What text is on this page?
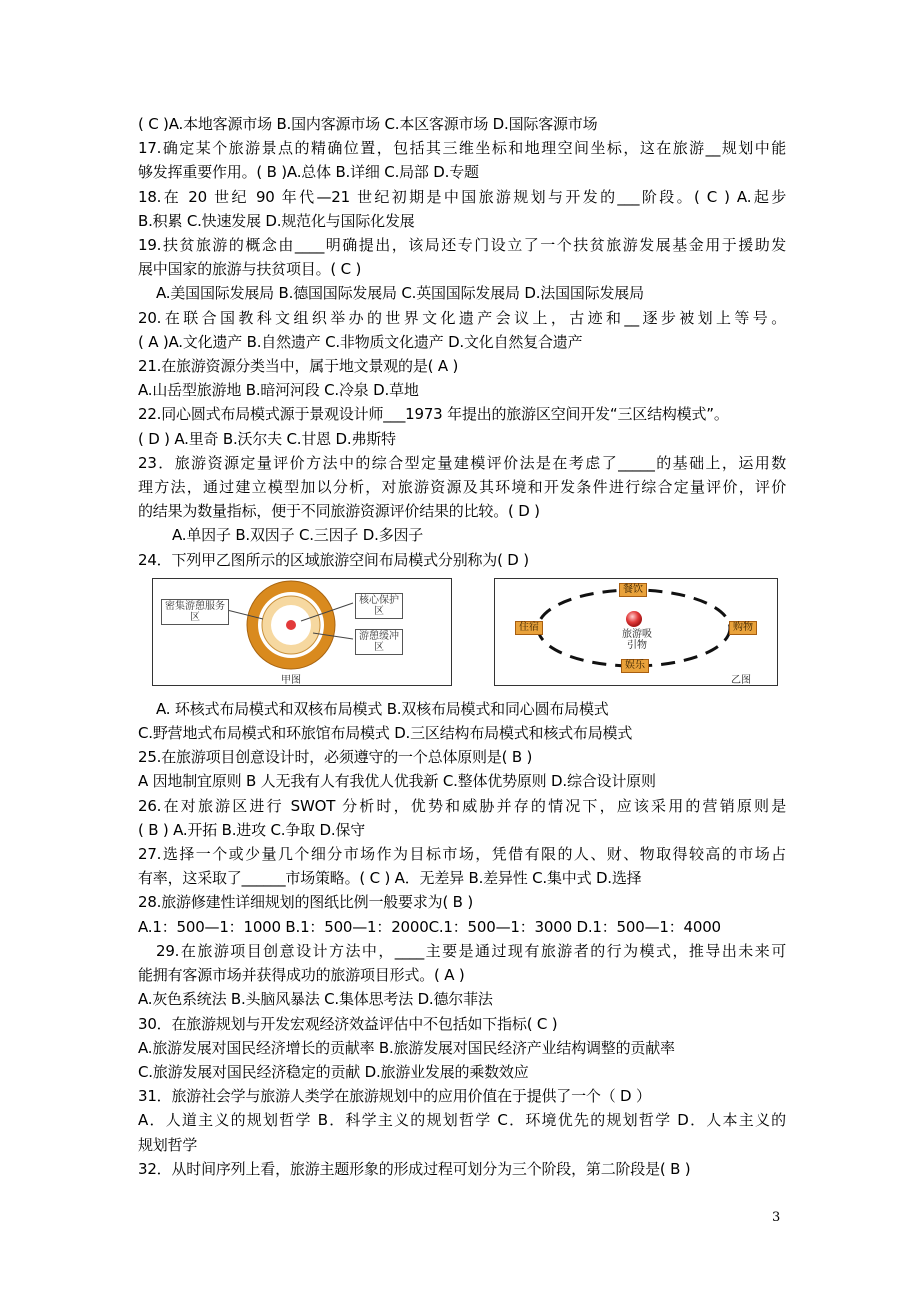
( C )A.本地客源市场 B.国内客源市场 C.本区客源市场 D.国际客源市场
17.确定某个旅游景点的精确位置，包括其三维坐标和地理空间坐标，这在旅游__规划中能
够发挥重要作用。( B )A.总体 B.详细 C.局部 D.专题
18.在 20 世纪 90 年代—21 世纪初期是中国旅游规划与开发的___阶段。( C ) A.起步
B.积累 C.快速发展 D.规范化与国际化发展
19.扶贫旅游的概念由____明确提出，该局还专门设立了一个扶贫旅游发展基金用于援助发
展中国家的旅游与扶贫项目。( C )
A.美国国际发展局 B.德国国际发展局 C.英国国际发展局 D.法国国际发展局
20.在联合国教科文组织举办的世界文化遗产会议上，古迹和__逐步被划上等号。
( A )A.文化遗产 B.自然遗产 C.非物质文化遗产 D.文化自然复合遗产
21.在旅游资源分类当中，属于地文景观的是( A )
A.山岳型旅游地 B.暗河河段 C.冷泉 D.草地
22.同心圆式布局模式源于景观设计师___1973 年提出的旅游区空间开发“三区结构模式”。
( D ) A.里奇 B.沃尔夫 C.甘恩 D.弗斯特
23．旅游资源定量评价方法中的综合型定量建模评价法是在考虑了_____的基础上，运用数
理方法，通过建立模型加以分析，对旅游资源及其环境和开发条件进行综合定量评价，评价
的结果为数量指标，便于不同旅游资源评价结果的比较。( D )
A.单因子 B.双因子 C.三因子 D.多因子
24．下列甲乙图所示的区域旅游空间布局模式分别称为( D )
密集游憩服务区
核心保护区
游憩缓冲区
甲图
旅游吸引物
餐饮
住宿	购物
娱乐
乙图
A. 环核式布局模式和双核布局模式 B.双核布局模式和同心圆布局模式
C.野营地式布局模式和环旅馆布局模式 D.三区结构布局模式和核式布局模式
25.在旅游项目创意设计时，必须遵守的一个总体原则是( B )
A 因地制宜原则 B 人无我有人有我优人优我新 C.整体优势原则 D.综合设计原则
26.在对旅游区进行 SWOT 分析时，优势和威胁并存的情况下，应该采用的营销原则是
( B ) A.开拓 B.进攻 C.争取 D.保守
27.选择一个或少量几个细分市场作为目标市场，凭借有限的人、财、物取得较高的市场占
有率，这采取了______市场策略。( C ) A．无差异 B.差异性 C.集中式 D.选择
28.旅游修建性详细规划的图纸比例一般要求为( B )
A.1：500—1：1000 B.1：500—1：2000C.1：500—1：3000 D.1：500—1：4000
29.在旅游项目创意设计方法中，____主要是通过现有旅游者的行为模式，推导出未来可
能拥有客源市场并获得成功的旅游项目形式。( A )
A.灰色系统法 B.头脑风暴法 C.集体思考法 D.德尔菲法
30．在旅游规划与开发宏观经济效益评估中不包括如下指标( C )
A.旅游发展对国民经济增长的贡献率 B.旅游发展对国民经济产业结构调整的贡献率
C.旅游发展对国民经济稳定的贡献 D.旅游业发展的乘数效应
31．旅游社会学与旅游人类学在旅游规划中的应用价值在于提供了一个（ D ）
A．人道主义的规划哲学 B．科学主义的规划哲学 C．环境优先的规划哲学 D．人本主义的
规划哲学
32．从时间序列上看，旅游主题形象的形成过程可划分为三个阶段，第二阶段是( B )
3
